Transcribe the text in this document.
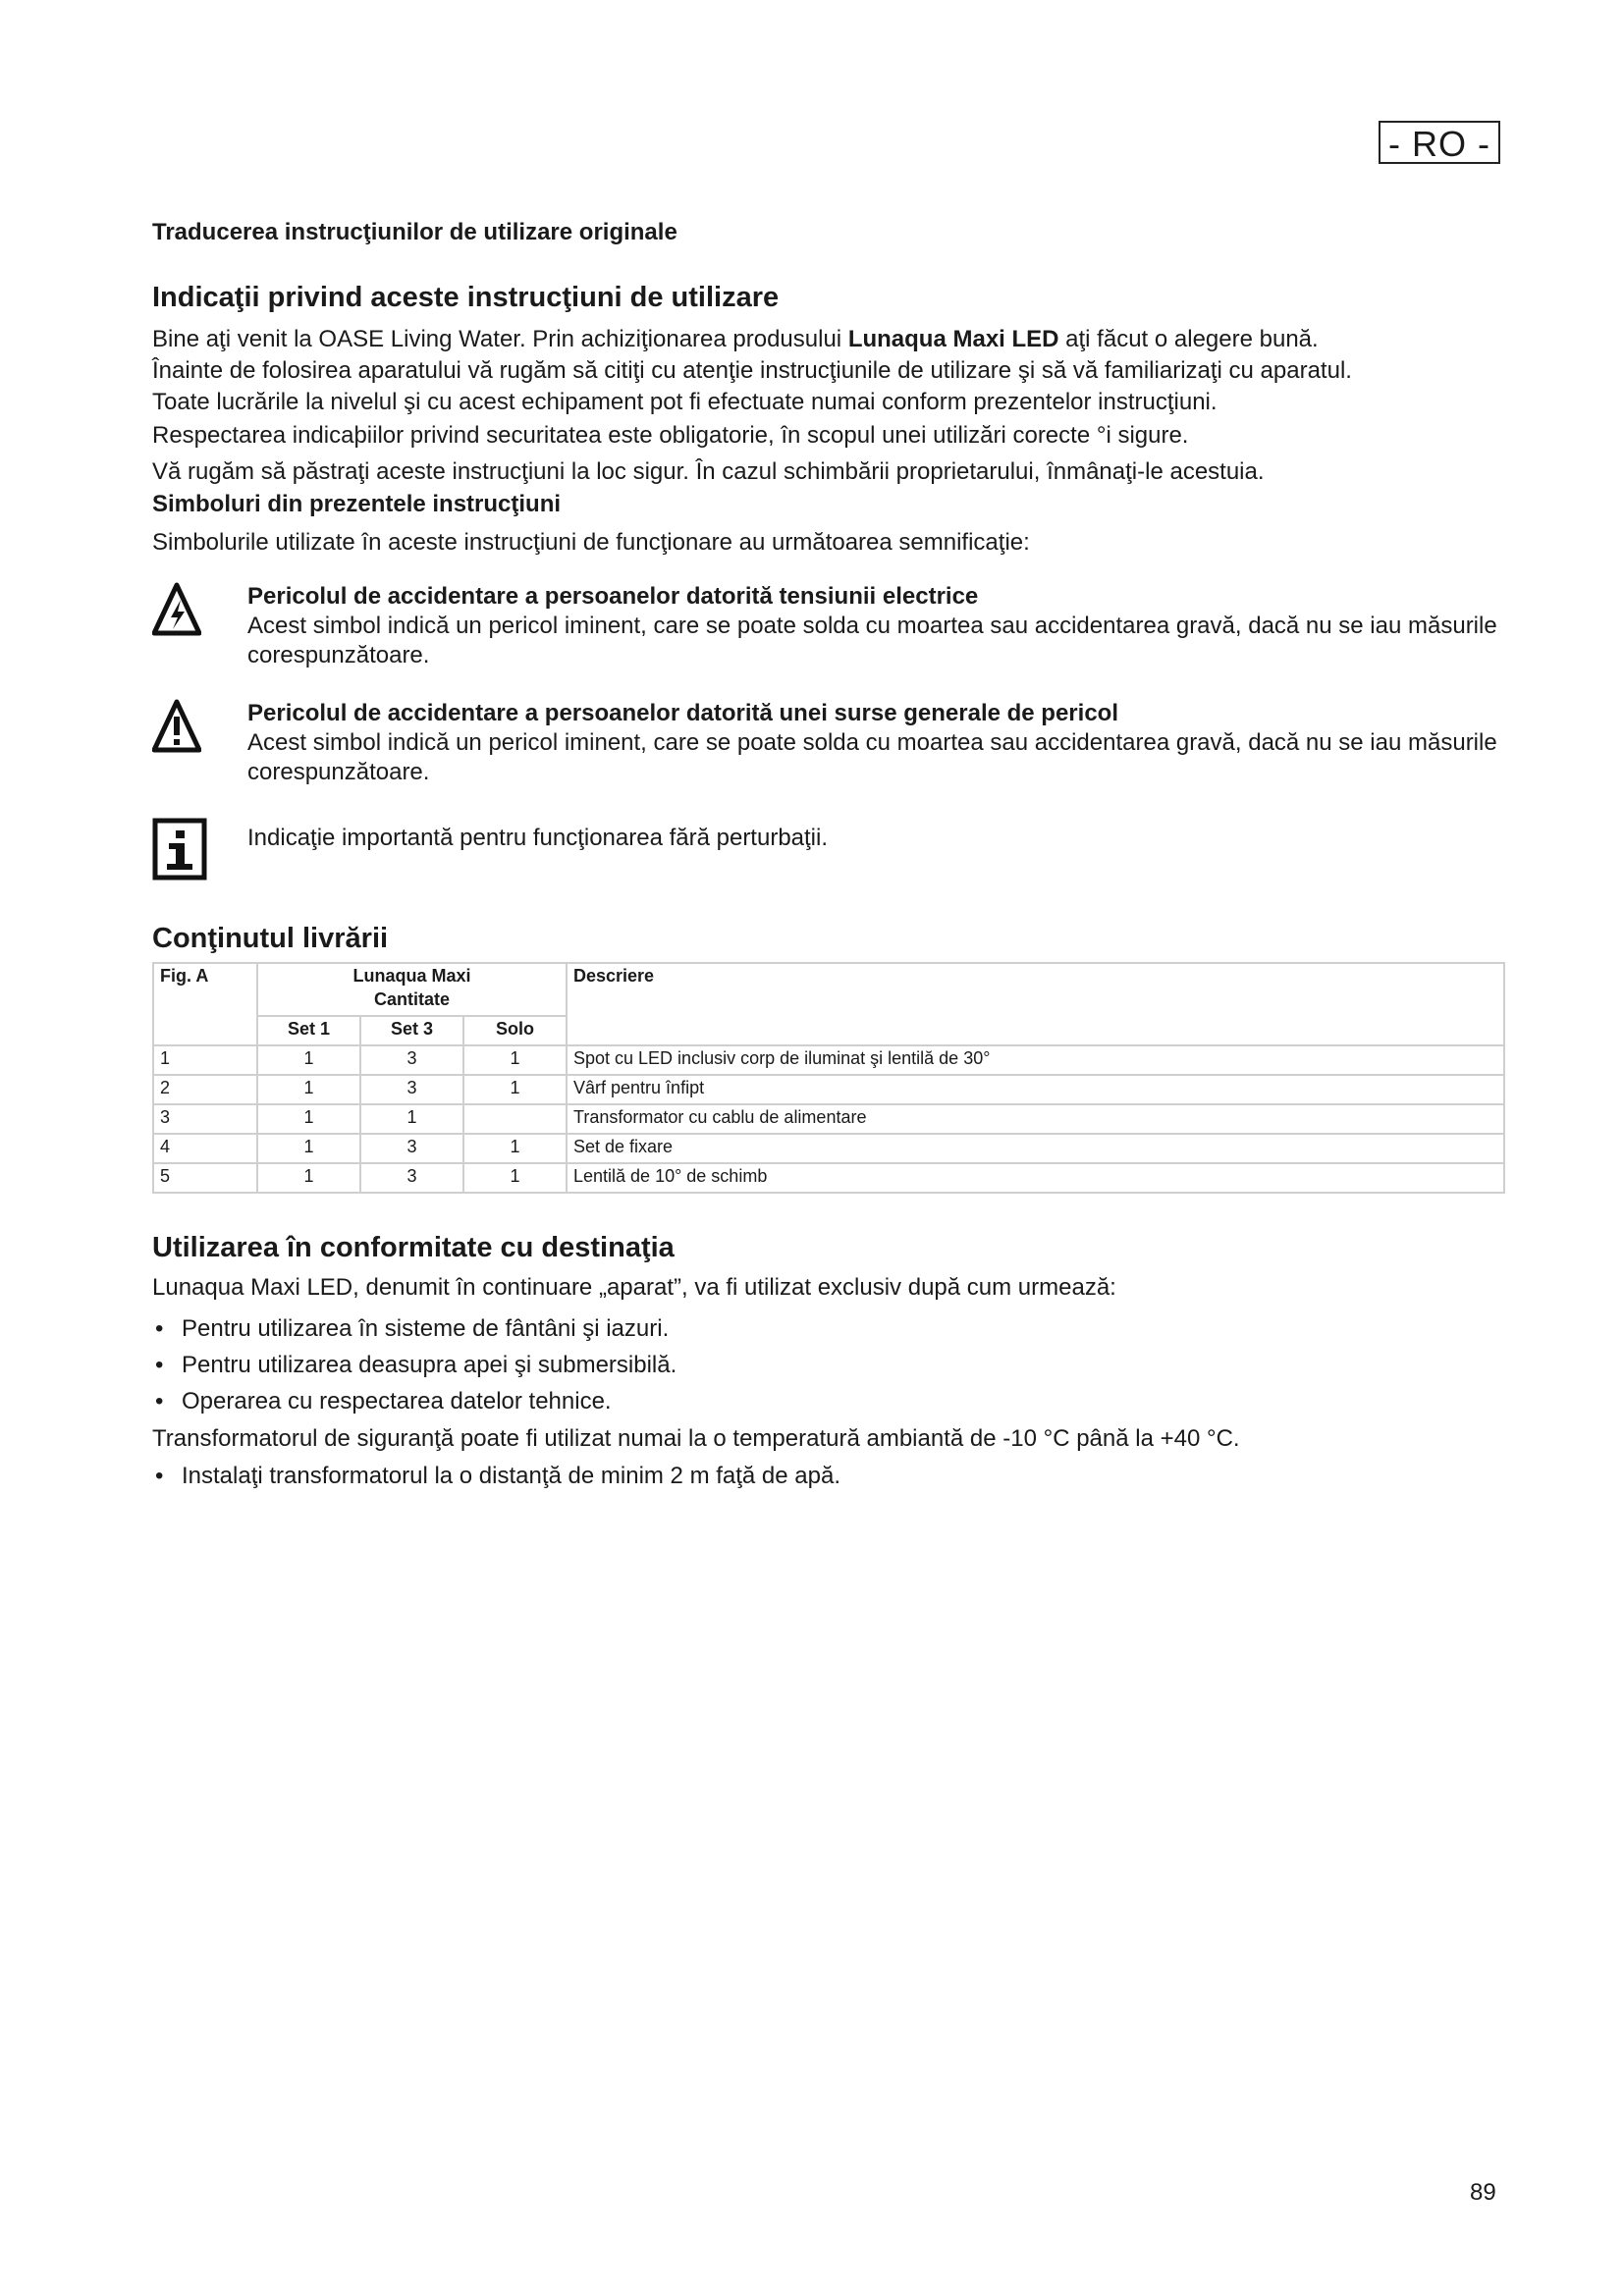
- RO -

Traducerea instrucţiunilor de utilizare originale

Indicaţii privind aceste instrucţiuni de utilizare

Bine aţi venit la OASE Living Water. Prin achiziţionarea produsului Lunaqua Maxi LED aţi făcut o alegere bună.

Înainte de folosirea aparatului vă rugăm să citiţi cu atenţie instrucţiunile de utilizare şi să vă familiarizaţi cu aparatul.

Toate lucrările la nivelul şi cu acest echipament pot fi efectuate numai conform prezentelor instrucţiuni.

Respectarea indicaþiilor privind securitatea este obligatorie, în scopul unei utilizări corecte °i sigure.

Vă rugăm să păstraţi aceste instrucţiuni la loc sigur. În cazul schimbării proprietarului, înmânaţi-le acestuia.

Simboluri din prezentele instrucţiuni

Simbolurile utilizate în aceste instrucţiuni de funcţionare au următoarea semnificaţie:

Pericolul de accidentare a persoanelor datorită tensiunii electrice
Acest simbol indică un pericol iminent, care se poate solda cu moartea sau accidentarea gravă, dacă nu se iau măsurile corespunzătoare.
Pericolul de accidentare a persoanelor datorită unei surse generale de pericol
Acest simbol indică un pericol iminent, care se poate solda cu moartea sau accidentarea gravă, dacă nu se iau măsurile corespunzătoare.
Indicaţie importantă pentru funcţionarea fără perturbaţii.
Conţinutul livrării
Fig. A	Lunaqua Maxi			Descriere
	Cantitate			
	Set 1	Set 3	Solo	
1	1	3	1	Spot cu LED inclusiv corp de iluminat şi lentilă de 30°
2	1	3	1	Vârf pentru înfipt
3	1	1		Transformator cu cablu de alimentare
4	1	3	1	Set de fixare
5	1	3	1	Lentilă de 10° de schimb
Utilizarea în conformitate cu destinaţia

Lunaqua Maxi LED, denumit în continuare „aparat”, va fi utilizat exclusiv după cum urmează:

• Pentru utilizarea în sisteme de fântâni şi iazuri.
• Pentru utilizarea deasupra apei şi submersibilă.
• Operarea cu respectarea datelor tehnice.

Transformatorul de siguranţă poate fi utilizat numai la o temperatură ambiantă de -10 °C până la +40 °C.

• Instalaţi transformatorul la o distanţă de minim 2 m faţă de apă.
89
